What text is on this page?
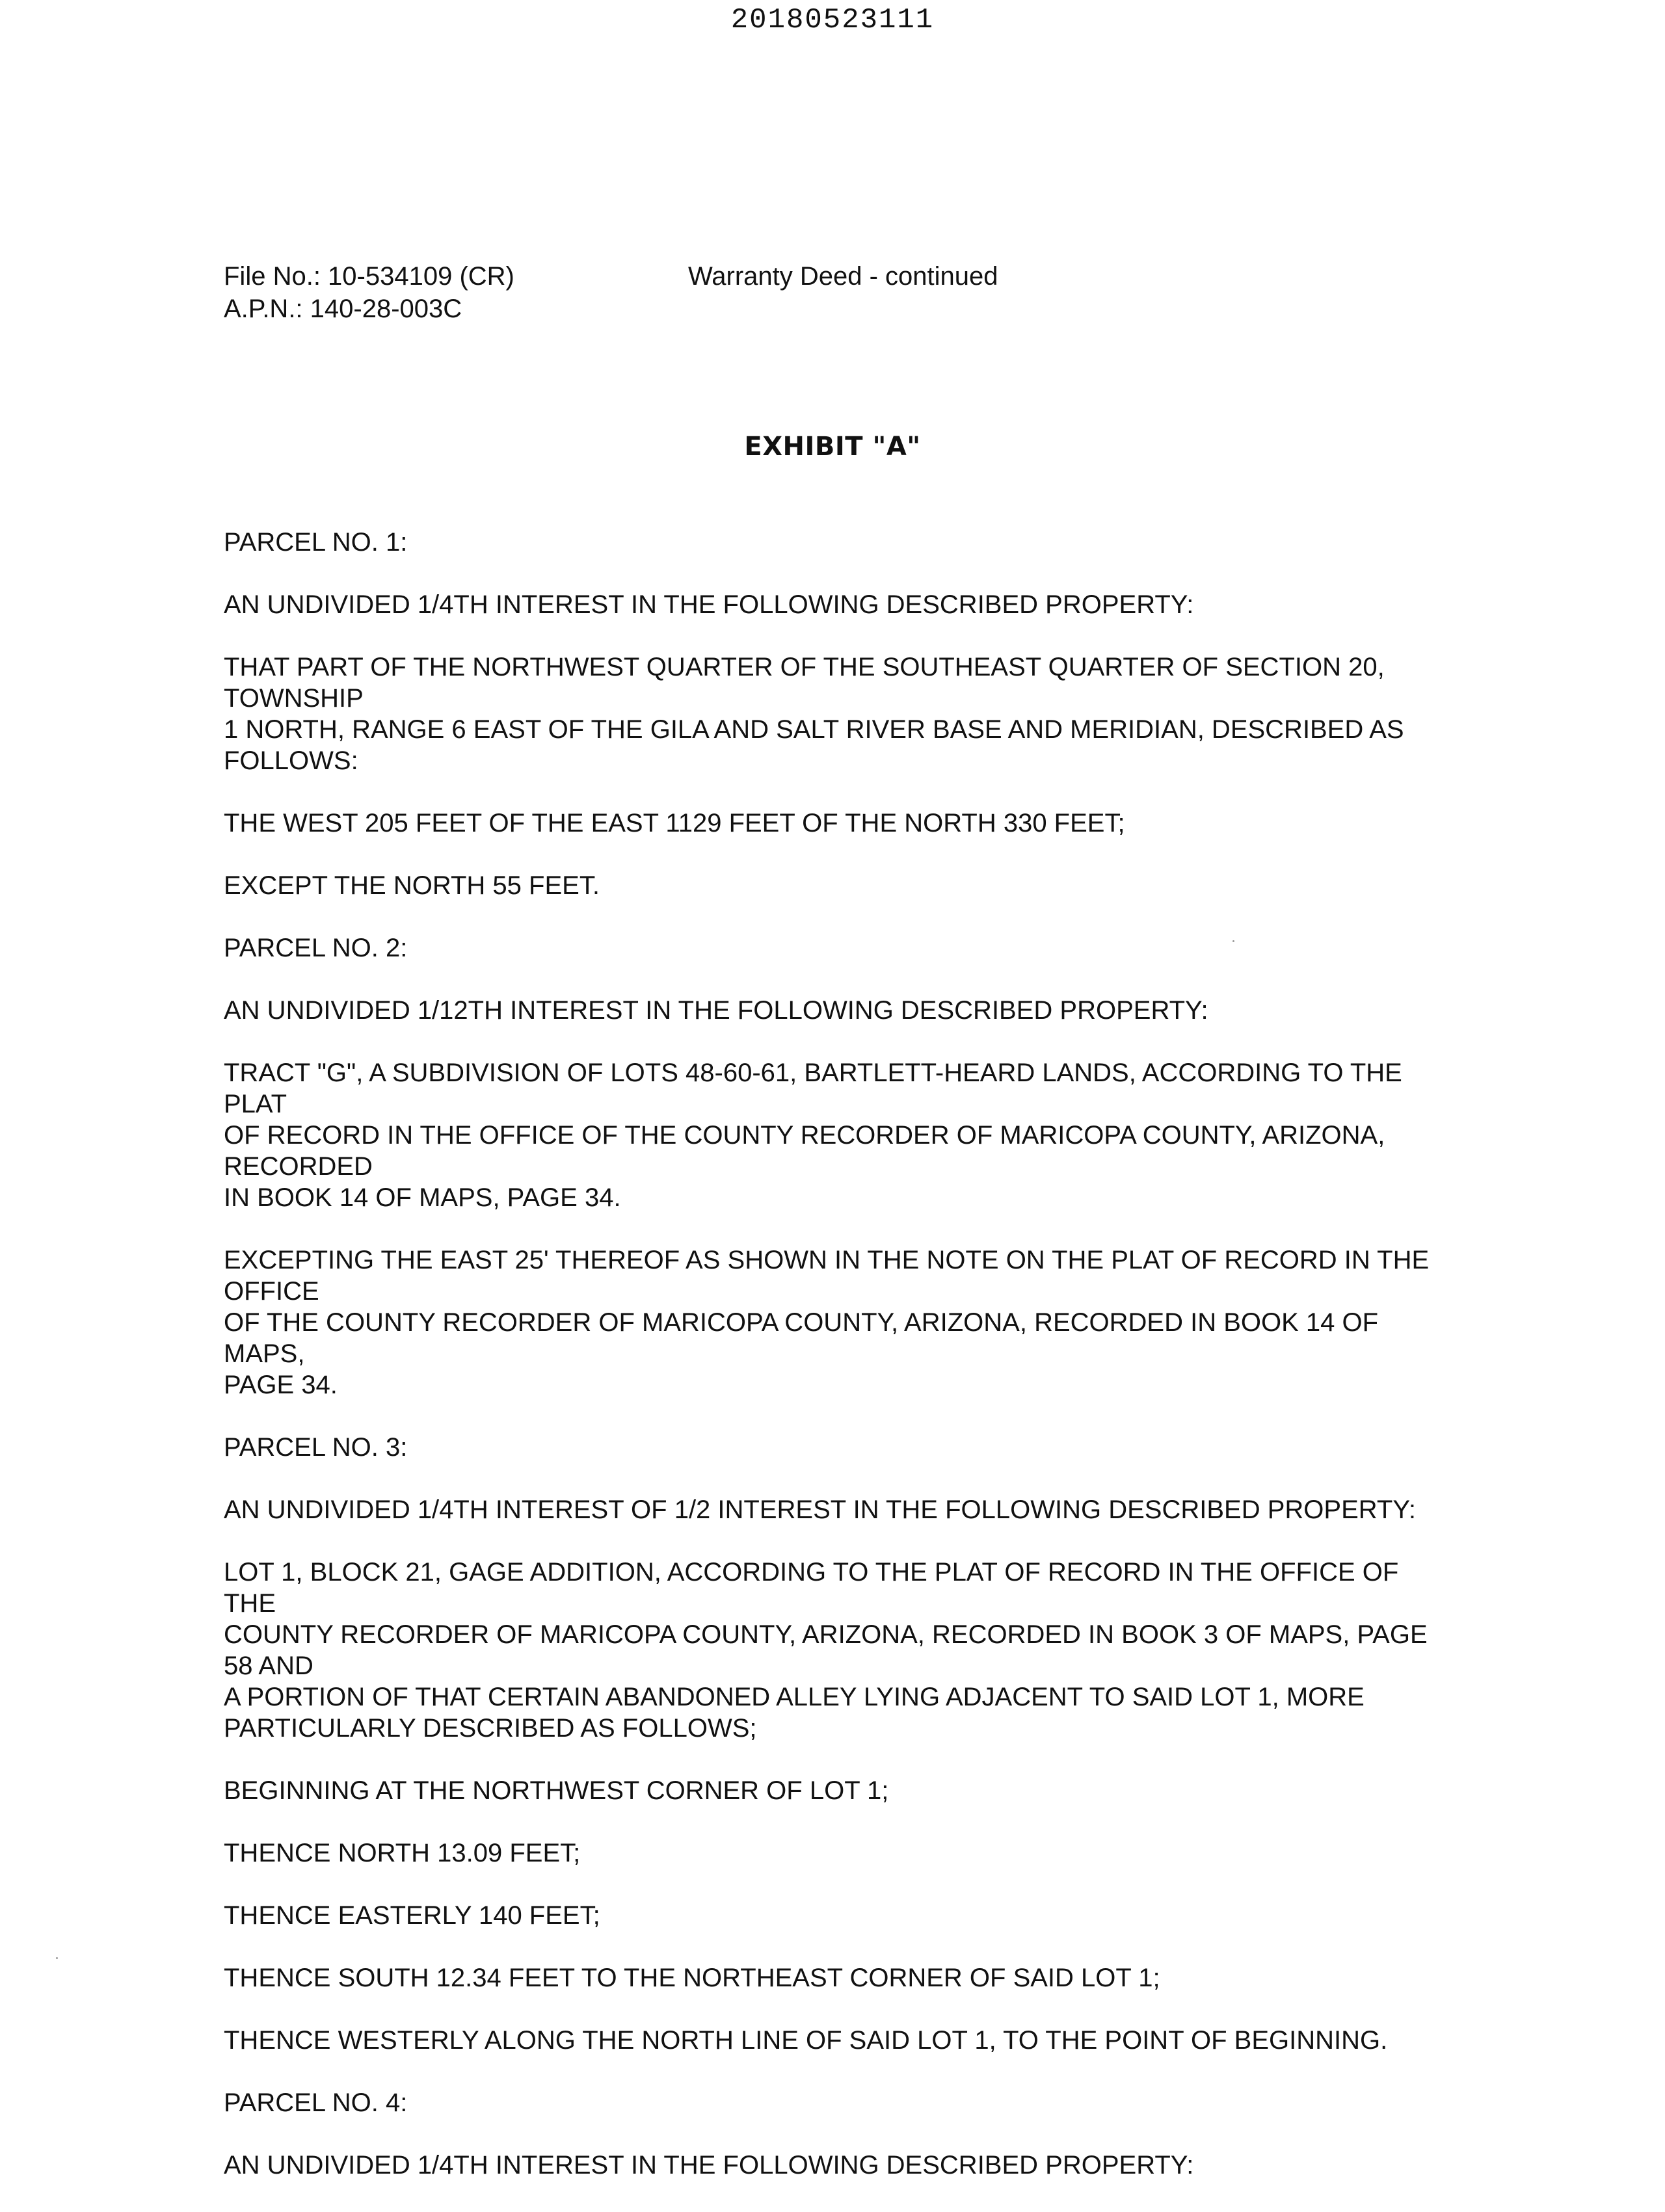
20180523111
File No.: 10-534109 (CR)
A.P.N.: 140-28-003C
Warranty Deed - continued
EXHIBIT "A"
PARCEL NO. 1:
AN UNDIVIDED 1/4TH INTEREST IN THE FOLLOWING DESCRIBED PROPERTY:
THAT PART OF THE NORTHWEST QUARTER OF THE SOUTHEAST QUARTER OF SECTION 20, TOWNSHIP
1 NORTH, RANGE 6 EAST OF THE GILA AND SALT RIVER BASE AND MERIDIAN, DESCRIBED AS
FOLLOWS:
THE WEST 205 FEET OF THE EAST 1129 FEET OF THE NORTH 330 FEET;
EXCEPT THE NORTH 55 FEET.
PARCEL NO. 2:
AN UNDIVIDED 1/12TH INTEREST IN THE FOLLOWING DESCRIBED PROPERTY:
TRACT "G", A SUBDIVISION OF LOTS 48-60-61, BARTLETT-HEARD LANDS, ACCORDING TO THE PLAT
OF RECORD IN THE OFFICE OF THE COUNTY RECORDER OF MARICOPA COUNTY, ARIZONA, RECORDED
IN BOOK 14 OF MAPS, PAGE 34.
EXCEPTING THE EAST 25' THEREOF AS SHOWN IN THE NOTE ON THE PLAT OF RECORD IN THE OFFICE
OF THE COUNTY RECORDER OF MARICOPA COUNTY, ARIZONA, RECORDED IN BOOK 14 OF MAPS,
PAGE 34.
PARCEL NO. 3:
AN UNDIVIDED 1/4TH INTEREST OF 1/2 INTEREST IN THE FOLLOWING DESCRIBED PROPERTY:
LOT 1, BLOCK 21, GAGE ADDITION, ACCORDING TO THE PLAT OF RECORD IN THE OFFICE OF THE
COUNTY RECORDER OF MARICOPA COUNTY, ARIZONA, RECORDED IN BOOK 3 OF MAPS, PAGE 58 AND
A PORTION OF THAT CERTAIN ABANDONED ALLEY LYING ADJACENT TO SAID LOT 1, MORE
PARTICULARLY DESCRIBED AS FOLLOWS;
BEGINNING AT THE NORTHWEST CORNER OF LOT 1;
THENCE NORTH 13.09 FEET;
THENCE EASTERLY 140 FEET;
THENCE SOUTH 12.34 FEET TO THE NORTHEAST CORNER OF SAID LOT 1;
THENCE WESTERLY ALONG THE NORTH LINE OF SAID LOT 1, TO THE POINT OF BEGINNING.
PARCEL NO. 4:
AN UNDIVIDED 1/4TH INTEREST IN THE FOLLOWING DESCRIBED PROPERTY:
